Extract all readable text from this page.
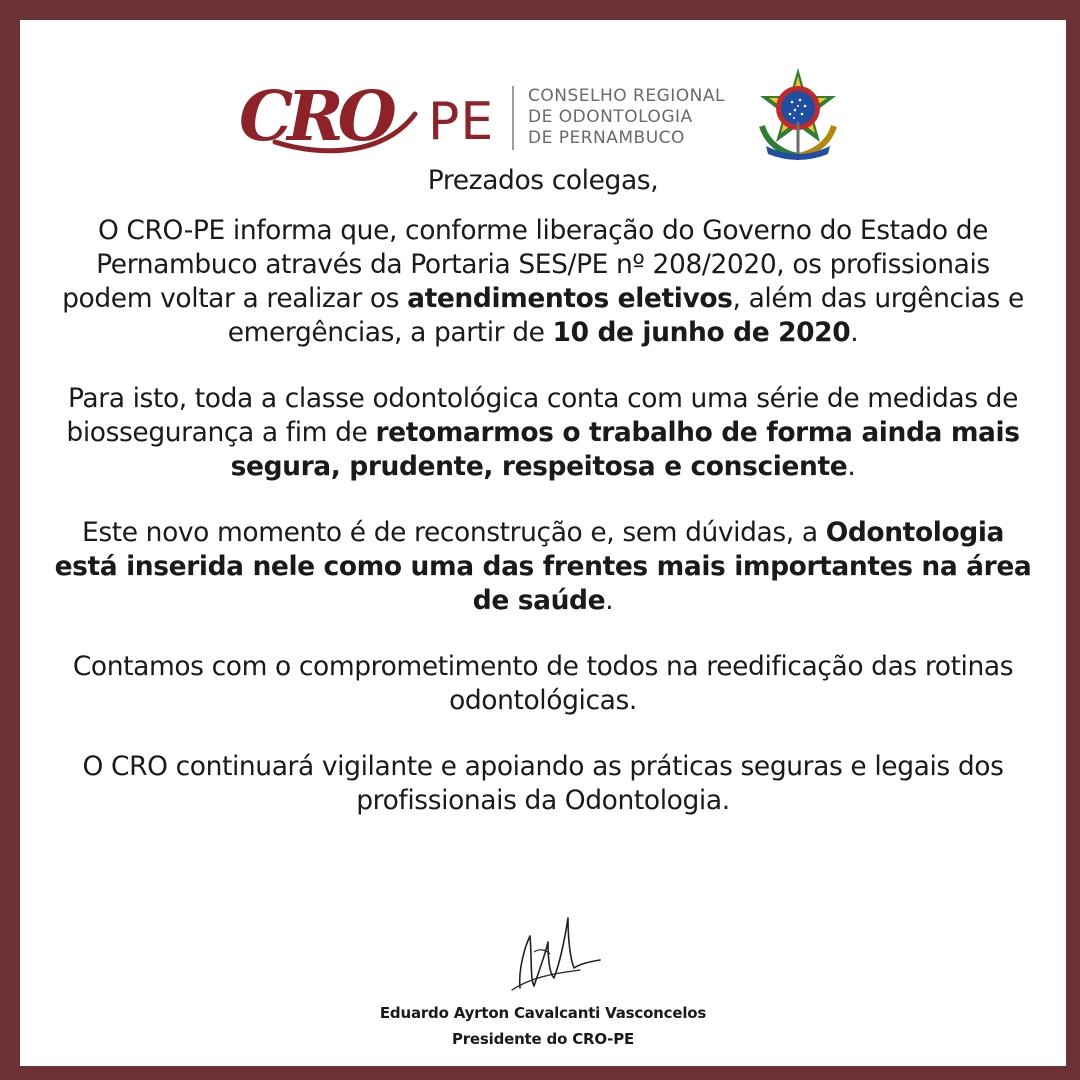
CRO PE CONSELHO REGIONAL
DE ODONTOLOGIA
DE PERNAMBUCO

Prezados colegas,

O CRO-PE informa que, conforme liberação do Governo do Estado de Pernambuco através da Portaria SES/PE nº 208/2020, os profissionais podem voltar a realizar os atendimentos eletivos, além das urgências e emergências, a partir de 10 de junho de 2020.

Para isto, toda a classe odontológica conta com uma série de medidas de biossegurança a fim de retomarmos o trabalho de forma ainda mais segura, prudente, respeitosa e consciente.

Este novo momento é de reconstrução e, sem dúvidas, a Odontologia está inserida nele como uma das frentes mais importantes na área de saúde.

Contamos com o comprometimento de todos na reedificação das rotinas odontológicas.

O CRO continuará vigilante e apoiando as práticas seguras e legais dos profissionais da Odontologia.

Eduardo Ayrton Cavalcanti Vasconcelos
Presidente do CRO-PE
